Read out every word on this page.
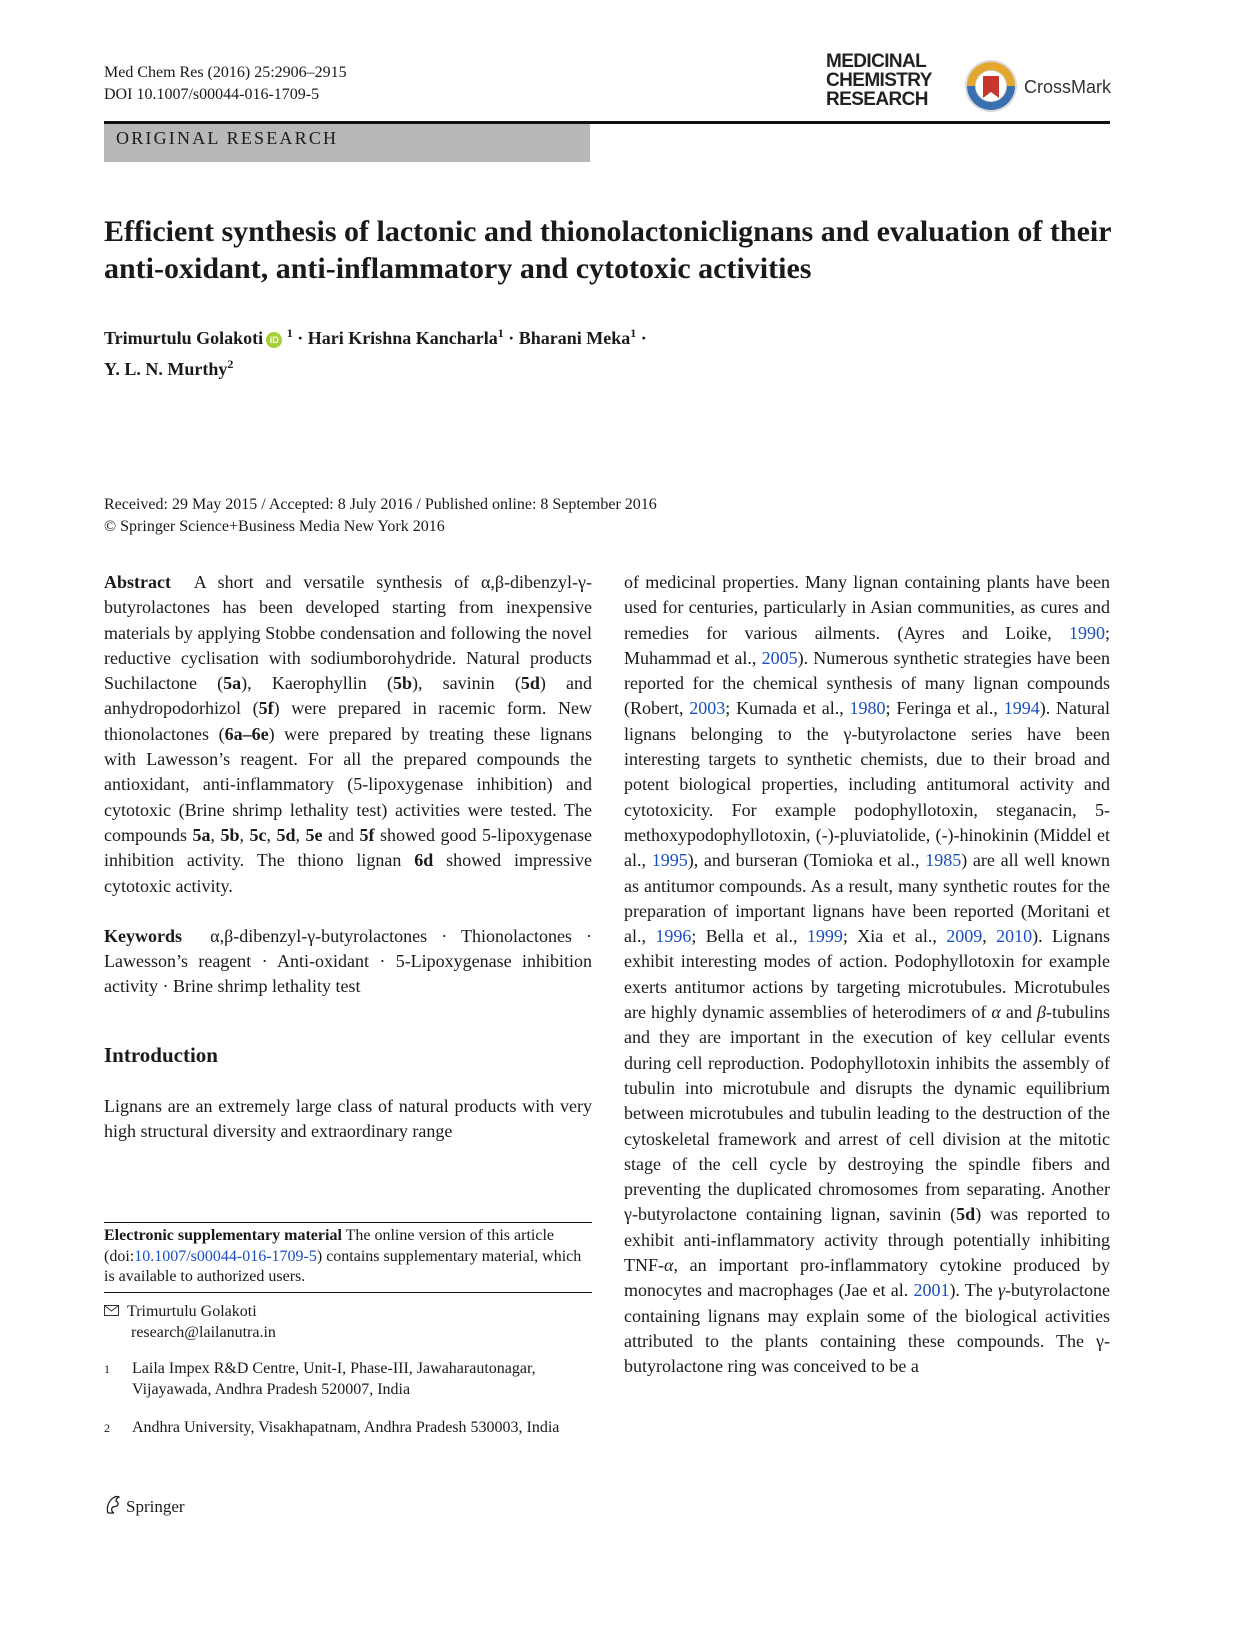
Med Chem Res (2016) 25:2906–2915
DOI 10.1007/s00044-016-1709-5
MEDICINAL
CHEMISTRY
RESEARCH
CrossMark
ORIGINAL RESEARCH
Efficient synthesis of lactonic and thionolactoniclignans and evaluation of their anti-oxidant, anti-inflammatory and cytotoxic activities
Trimurtulu Golakoti iD $^1$ · Hari Krishna Kancharla$^1$ · Bharani Meka$^1$ ·
Y. L. N. Murthy$^2$
Received: 29 May 2015 / Accepted: 8 July 2016 / Published online: 8 September 2016
© Springer Science+Business Media New York 2016

Abstract A short and versatile synthesis of α,β-dibenzyl-γ-butyrolactones has been developed starting from inexpensive materials by applying Stobbe condensation and following the novel reductive cyclisation with sodiumborohydride. Natural products Suchilactone (5a), Kaerophyllin (5b), savinin (5d) and anhydropodorhizol (5f) were prepared in racemic form. New thionolactones (6a–6e) were prepared by treating these lignans with Lawesson’s reagent. For all the prepared compounds the antioxidant, anti-inflammatory (5-lipoxygenase inhibition) and cytotoxic (Brine shrimp lethality test) activities were tested. The compounds 5a, 5b, 5c, 5d, 5e and 5f showed good 5-lipoxygenase inhibition activity. The thiono lignan 6d showed impressive cytotoxic activity.

Keywords α,β-dibenzyl-γ-butyrolactones · Thionolactones · Lawesson’s reagent · Anti-oxidant · 5-Lipoxygenase inhibition activity · Brine shrimp lethality test

Introduction

Lignans are an extremely large class of natural products with very high structural diversity and extraordinary range

of medicinal properties. Many lignan containing plants have been used for centuries, particularly in Asian communities, as cures and remedies for various ailments. (Ayres and Loike, 1990; Muhammad et al., 2005). Numerous synthetic strategies have been reported for the chemical synthesis of many lignan compounds (Robert, 2003; Kumada et al., 1980; Feringa et al., 1994). Natural lignans belonging to the γ-butyrolactone series have been interesting targets to synthetic chemists, due to their broad and potent biological properties, including antitumoral activity and cytotoxicity. For example podophyllotoxin, steganacin, 5-methoxypodophyllotoxin, (-)-pluviatolide, (-)-hinokinin (Middel et al., 1995), and burseran (Tomioka et al., 1985) are all well known as antitumor compounds. As a result, many synthetic routes for the preparation of important lignans have been reported (Moritani et al., 1996; Bella et al., 1999; Xia et al., 2009, 2010). Lignans exhibit interesting modes of action. Podophyllotoxin for example exerts antitumor actions by targeting microtubules. Microtubules are highly dynamic assemblies of heterodimers of α and β-tubulins and they are important in the execution of key cellular events during cell reproduction. Podophyllotoxin inhibits the assembly of tubulin into microtubule and disrupts the dynamic equilibrium between microtubules and tubulin leading to the destruction of the cytoskeletal framework and arrest of cell division at the mitotic stage of the cell cycle by destroying the spindle fibers and preventing the duplicated chromosomes from separating. Another γ-butyrolactone containing lignan, savinin (5d) was reported to exhibit anti-inflammatory activity through potentially inhibiting TNF-α, an important pro-inflammatory cytokine produced by monocytes and macrophages (Jae et al. 2001). The γ-butyrolactone containing lignans may explain some of the biological activities attributed to the plants containing these compounds. The γ-butyrolactone ring was conceived to be a

Electronic supplementary material The online version of this article (doi:10.1007/s00044-016-1709-5) contains supplementary material, which is available to authorized users.
Trimurtulu Golakoti
research@lailanutra.in
1 Laila Impex R&D Centre, Unit-I, Phase-III, Jawaharautonagar, Vijayawada, Andhra Pradesh 520007, India
2 Andhra University, Visakhapatnam, Andhra Pradesh 530003, India
Springer
